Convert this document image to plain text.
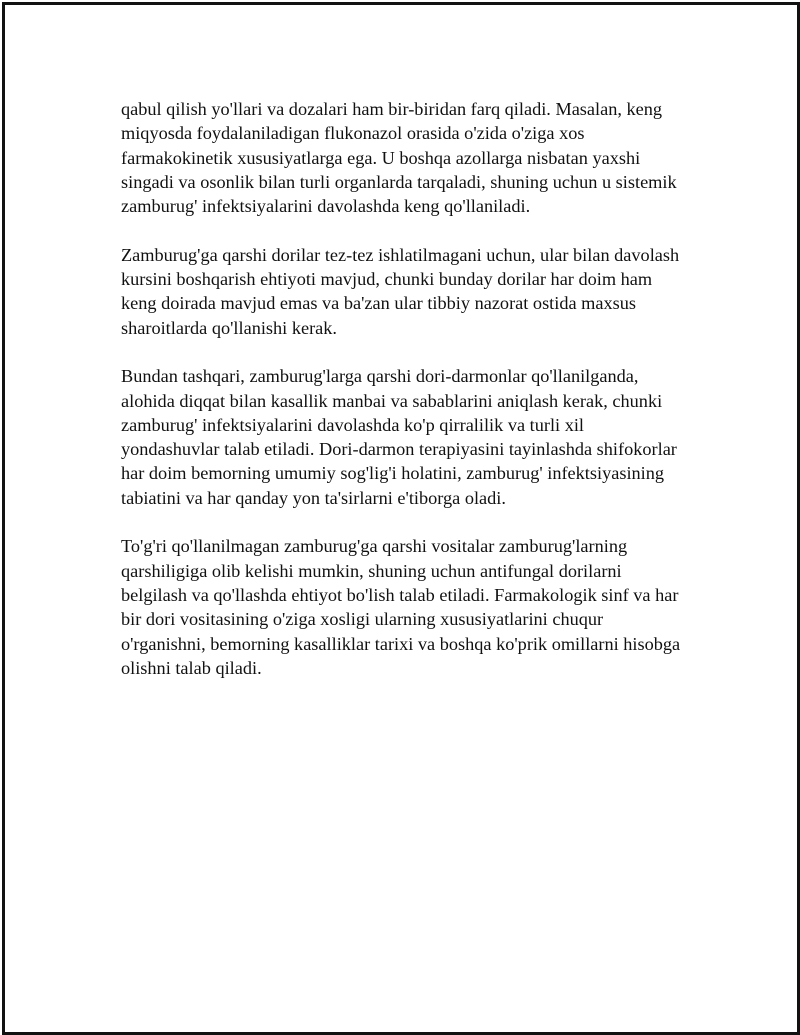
qabul qilish yo'llari va dozalari ham bir-biridan farq qiladi. Masalan, keng
miqyosda foydalaniladigan flukonazol orasida o'zida o'ziga xos
farmakokinetik xususiyatlarga ega. U boshqa azollarga nisbatan yaxshi
singadi va osonlik bilan turli organlarda tarqaladi, shuning uchun u sistemik
zamburug' infektsiyalarini davolashda keng qo'llaniladi.

Zamburug'ga qarshi dorilar tez-tez ishlatilmagani uchun, ular bilan davolash
kursini boshqarish ehtiyoti mavjud, chunki bunday dorilar har doim ham
keng doirada mavjud emas va ba'zan ular tibbiy nazorat ostida maxsus
sharoitlarda qo'llanishi kerak.

Bundan tashqari, zamburug'larga qarshi dori-darmonlar qo'llanilganda,
alohida diqqat bilan kasallik manbai va sabablarini aniqlash kerak, chunki
zamburug' infektsiyalarini davolashda ko'p qirralilik va turli xil
yondashuvlar talab etiladi. Dori-darmon terapiyasini tayinlashda shifokorlar
har doim bemorning umumiy sog'lig'i holatini, zamburug' infektsiyasining
tabiatini va har qanday yon ta'sirlarni e'tiborga oladi.

To'g'ri qo'llanilmagan zamburug'ga qarshi vositalar zamburug'larning
qarshiligiga olib kelishi mumkin, shuning uchun antifungal dorilarni
belgilash va qo'llashda ehtiyot bo'lish talab etiladi. Farmakologik sinf va har
bir dori vositasining o'ziga xosligi ularning xususiyatlarini chuqur
o'rganishni, bemorning kasalliklar tarixi va boshqa ko'prik omillarni hisobga
olishni talab qiladi.
